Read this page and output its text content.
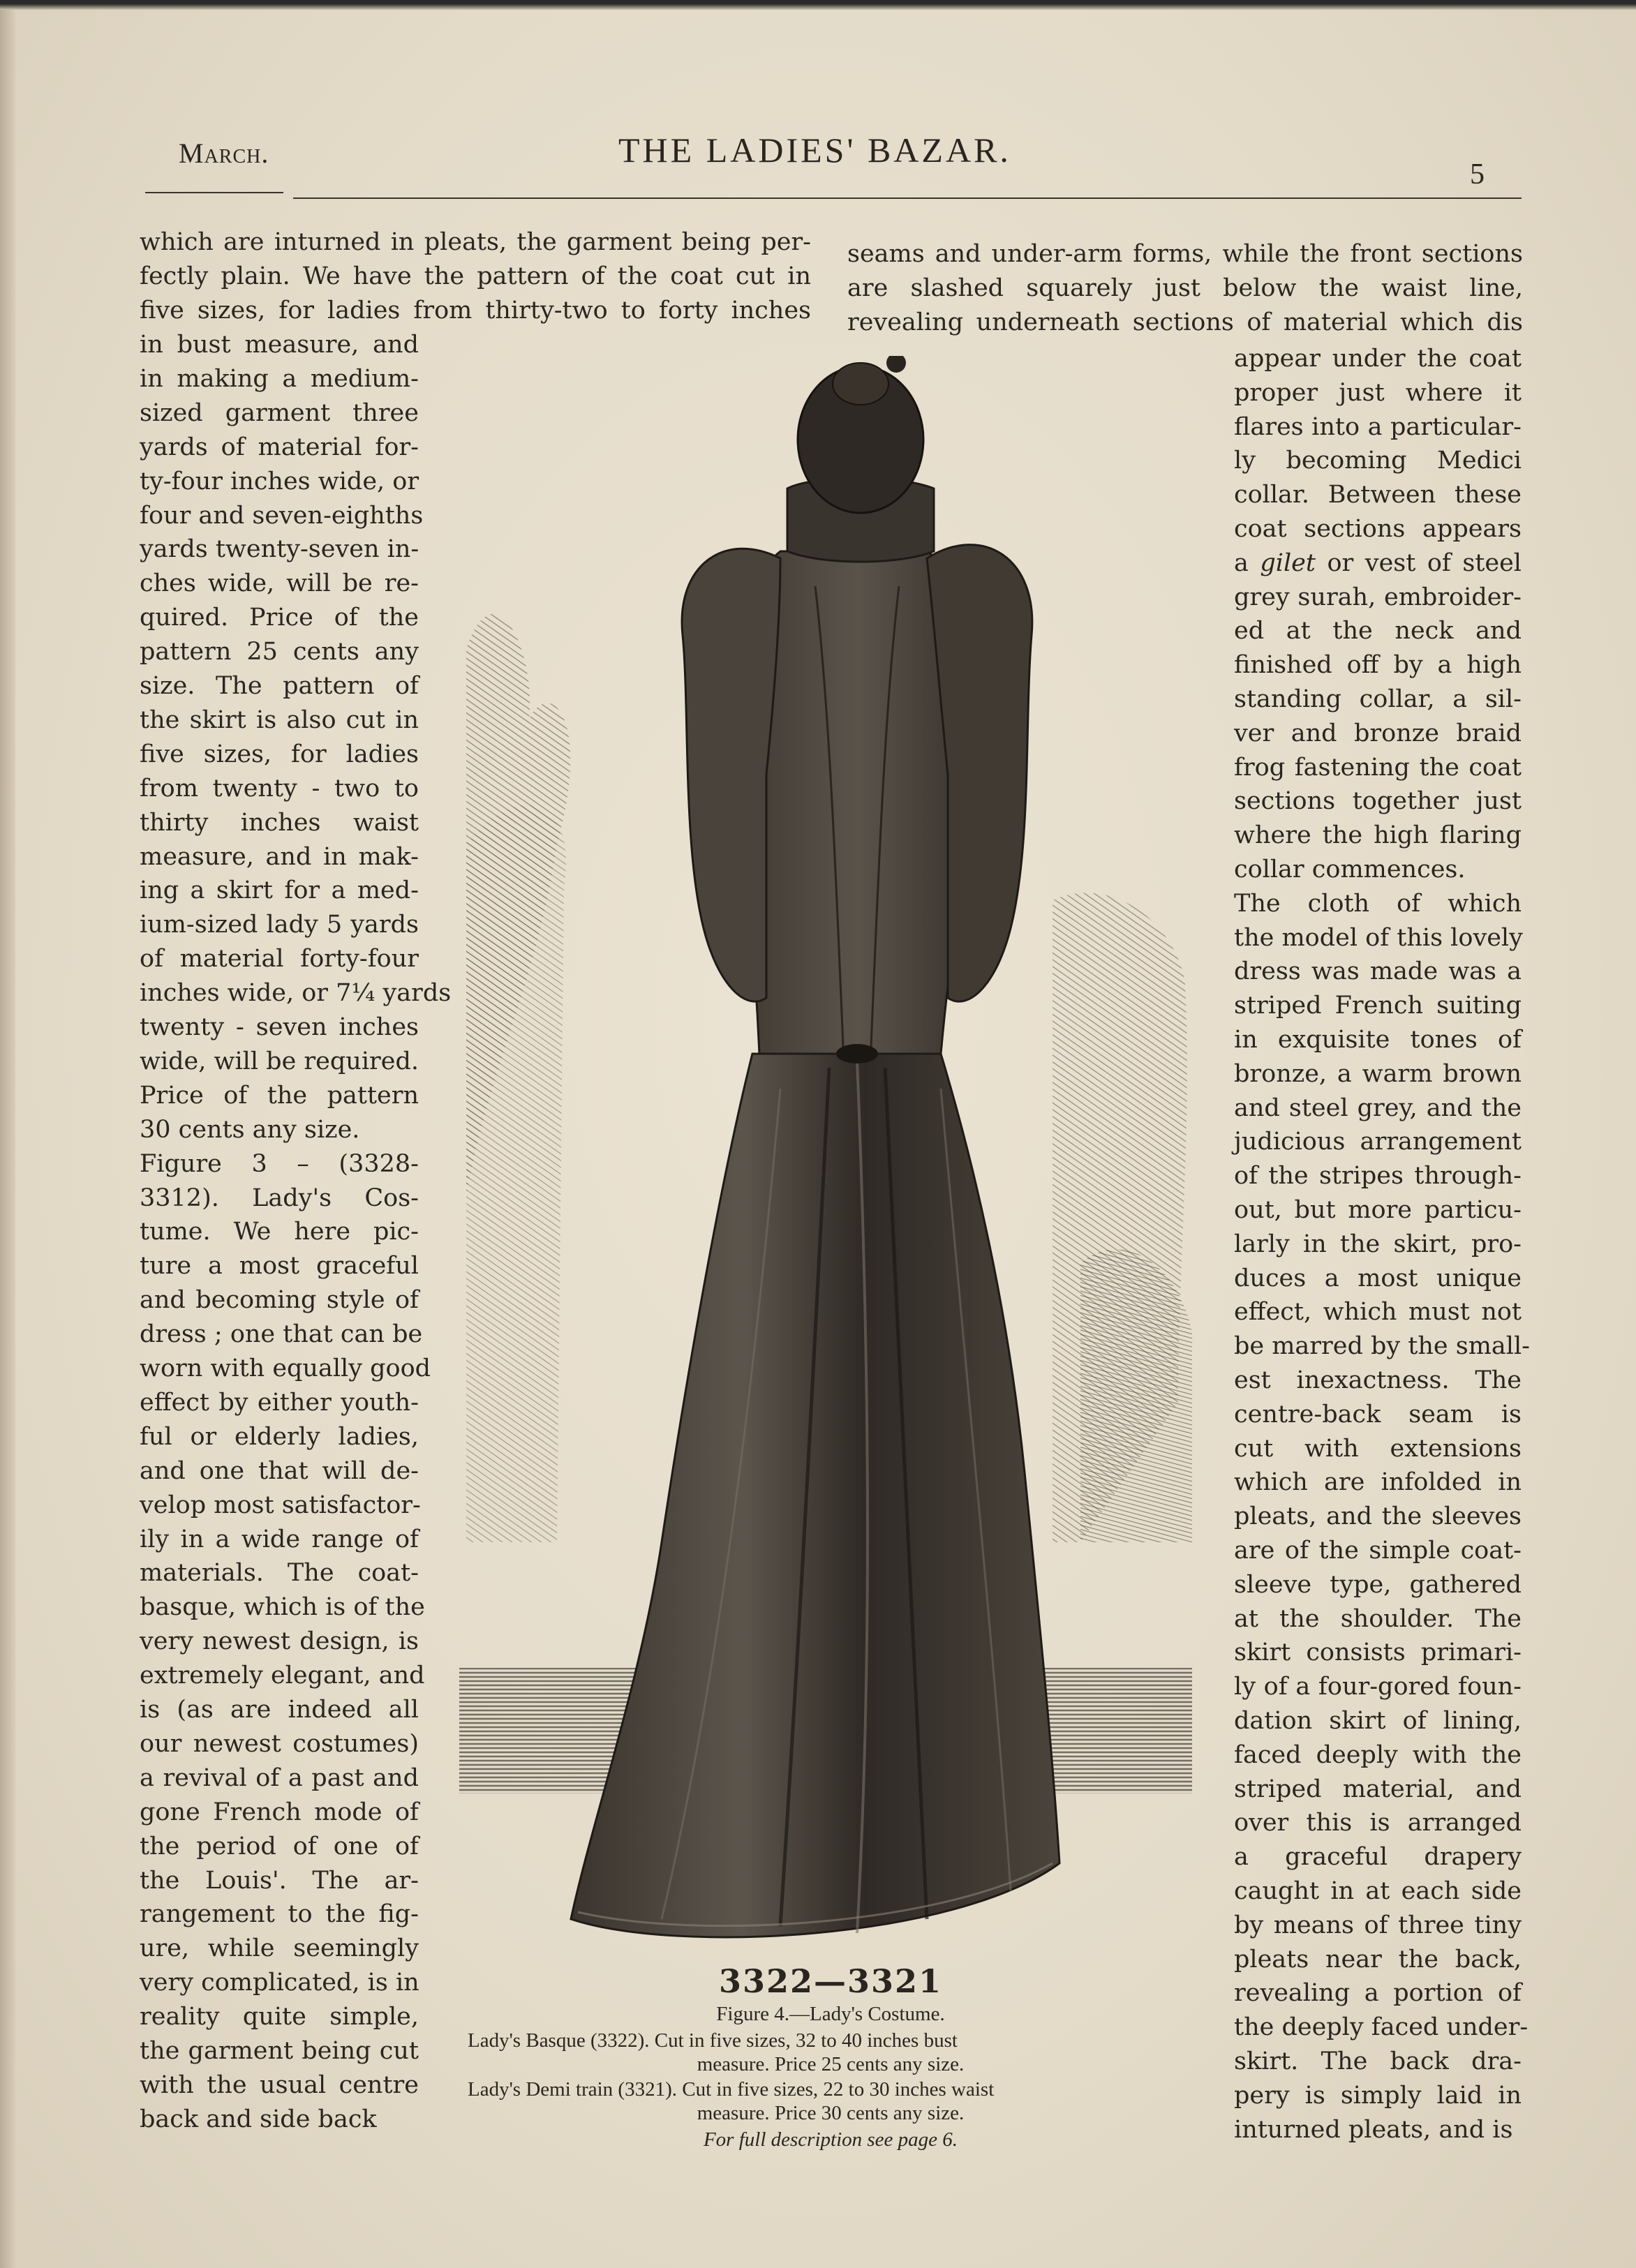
March.	THE LADIES' BAZAR.
5
which are inturned in pleats, the garment being per-
fectly plain. We have the pattern of the coat cut in
five sizes, for ladies from thirty-two to forty inches
in bust measure, and
in making a medium-
sized garment three
yards of material for-
ty-four inches wide, or
four and seven-eighths
yards twenty-seven in-
ches wide, will be re-
quired. Price of the
pattern 25 cents any
size. The pattern of
the skirt is also cut in
five sizes, for ladies
from twenty - two to
thirty inches waist
measure, and in mak-
ing a skirt for a med-
ium-sized lady 5 yards
of material forty-four
inches wide, or 7¼ yards
twenty - seven inches
wide, will be required.
Price of the pattern
30 cents any size.
Figure 3 – (3328-
3312). Lady's Cos-
tume. We here pic-
ture a most graceful
and becoming style of
dress ; one that can be
worn with equally good
effect by either youth-
ful or elderly ladies,
and one that will de-
velop most satisfactor-
ily in a wide range of
materials. The coat-
basque, which is of the
very newest design, is
extremely elegant, and
is (as are indeed all
our newest costumes)
a revival of a past and
gone French mode of
the period of one of
the Louis'. The ar-
rangement to the fig-
ure, while seemingly
very complicated, is in
reality quite simple,
the garment being cut
with the usual centre
back and side back
seams and under-arm forms, while the front sections
are slashed squarely just below the waist line,
revealing underneath sections of material which dis
appear under the coat
proper just where it
flares into a particular-
ly becoming Medici
collar. Between these
coat sections appears
a gilet or vest of steel
grey surah, embroider-
ed at the neck and
finished off by a high
standing collar, a sil-
ver and bronze braid
frog fastening the coat
sections together just
where the high flaring
collar commences.
The cloth of which
the model of this lovely
dress was made was a
striped French suiting
in exquisite tones of
bronze, a warm brown
and steel grey, and the
judicious arrangement
of the stripes through-
out, but more particu-
larly in the skirt, pro-
duces a most unique
effect, which must not
be marred by the small-
est inexactness. The
centre-back seam is
cut with extensions
which are infolded in
pleats, and the sleeves
are of the simple coat-
sleeve type, gathered
at the shoulder. The
skirt consists primari-
ly of a four-gored foun-
dation skirt of lining,
faced deeply with the
striped material, and
over this is arranged
a graceful drapery
caught in at each side
by means of three tiny
pleats near the back,
revealing a portion of
the deeply faced under-
skirt. The back dra-
pery is simply laid in
inturned pleats, and is
3322—3321
Figure 4.—Lady's Costume.
Lady's Basque (3322). Cut in five sizes, 32 to 40 inches bust
measure. Price 25 cents any size.
Lady's Demi train (3321). Cut in five sizes, 22 to 30 inches waist
measure. Price 30 cents any size.
For full description see page 6.
